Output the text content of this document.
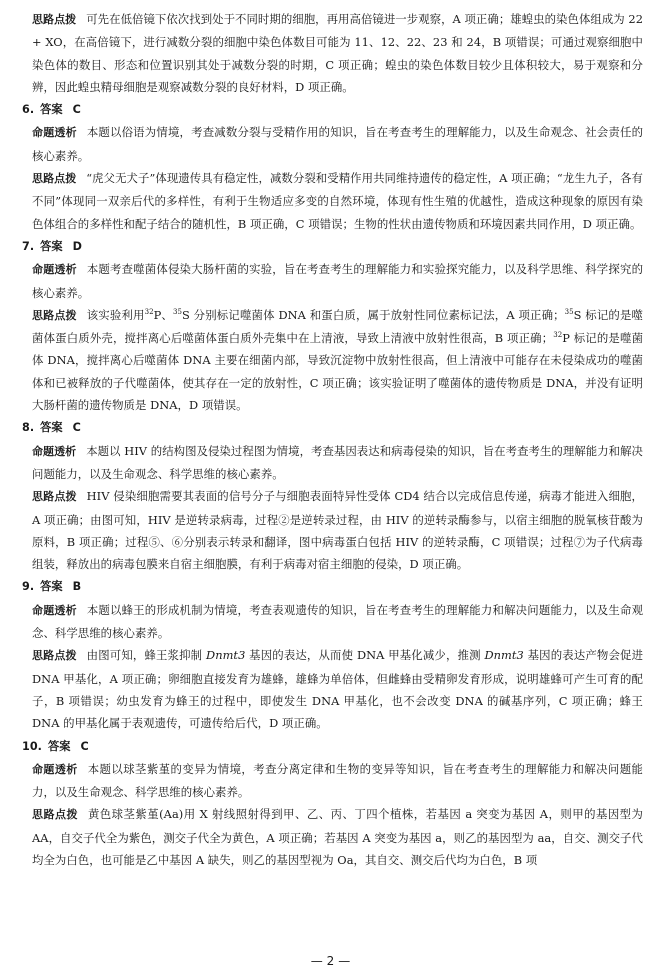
思路点拨 可先在低倍镜下依次找到处于不同时期的细胞，再用高倍镜进一步观察，A 项正确；雄蝗虫的染色体组成为 22 + XO，在高倍镜下，进行减数分裂的细胞中染色体数目可能为 11、12、22、23 和 24，B 项错误；可通过观察细胞中染色体的数目、形态和位置识别其处于减数分裂的时期，C 项正确；蝗虫的染色体数目较少且体积较大，易于观察和分辨，因此蝗虫精母细胞是观察减数分裂的良好材料，D 项正确。

6. 答案 C

命题透析 本题以俗语为情境，考查减数分裂与受精作用的知识，旨在考查考生的理解能力，以及生命观念、社会责任的核心素养。

思路点拨 “虎父无犬子”体现遗传具有稳定性，减数分裂和受精作用共同维持遗传的稳定性，A 项正确；“龙生九子，各有不同”体现同一双亲后代的多样性，有利于生物适应多变的自然环境，体现有性生殖的优越性，造成这种现象的原因有染色体组合的多样性和配子结合的随机性，B 项正确，C 项错误；生物的性状由遗传物质和环境因素共同作用，D 项正确。

7. 答案 D

命题透析 本题考查噬菌体侵染大肠杆菌的实验，旨在考查考生的理解能力和实验探究能力，以及科学思维、科学探究的核心素养。

思路点拨 该实验利用$^{32}$P、$^{35}$S 分别标记噬菌体 DNA 和蛋白质，属于放射性同位素标记法，A 项正确；$^{35}$S 标记的是噬菌体蛋白质外壳，搅拌离心后噬菌体蛋白质外壳集中在上清液，导致上清液中放射性很高，B 项正确；$^{32}$P 标记的是噬菌体 DNA，搅拌离心后噬菌体 DNA 主要在细菌内部，导致沉淀物中放射性很高，但上清液中可能存在未侵染成功的噬菌体和已被释放的子代噬菌体，使其存在一定的放射性，C 项正确；该实验证明了噬菌体的遗传物质是 DNA，并没有证明大肠杆菌的遗传物质是 DNA，D 项错误。

8. 答案 C

命题透析 本题以 HIV 的结构图及侵染过程图为情境，考查基因表达和病毒侵染的知识，旨在考查考生的理解能力和解决问题能力，以及生命观念、科学思维的核心素养。

思路点拨 HIV 侵染细胞需要其表面的信号分子与细胞表面特异性受体 CD4 结合以完成信息传递，病毒才能进入细胞，A 项正确；由图可知，HIV 是逆转录病毒，过程②是逆转录过程，由 HIV 的逆转录酶参与，以宿主细胞的脱氧核苷酸为原料，B 项正确；过程⑤、⑥分别表示转录和翻译，图中病毒蛋白包括 HIV 的逆转录酶，C 项错误；过程⑦为子代病毒组装，释放出的病毒包膜来自宿主细胞膜，有利于病毒对宿主细胞的侵染，D 项正确。

9. 答案 B

命题透析 本题以蜂王的形成机制为情境，考查表观遗传的知识，旨在考查考生的理解能力和解决问题能力，以及生命观念、科学思维的核心素养。

思路点拨 由图可知，蜂王浆抑制 Dnmt3 基因的表达，从而使 DNA 甲基化减少，推测 Dnmt3 基因的表达产物会促进 DNA 甲基化，A 项正确；卵细胞直接发育为雄蜂，雄蜂为单倍体，但雌蜂由受精卵发育形成，说明雄蜂可产生可育的配子，B 项错误；幼虫发育为蜂王的过程中，即使发生 DNA 甲基化，也不会改变 DNA 的碱基序列，C 项正确；蜂王 DNA 的甲基化属于表观遗传，可遗传给后代，D 项正确。

10. 答案 C

命题透析 本题以球茎紫堇的变异为情境，考查分离定律和生物的变异等知识，旨在考查考生的理解能力和解决问题能力，以及生命观念、科学思维的核心素养。

思路点拨 黄色球茎紫堇(Aa)用 X 射线照射得到甲、乙、丙、丁四个植株，若基因 a 突变为基因 A，则甲的基因型为 AA，自交子代全为紫色，测交子代全为黄色，A 项正确；若基因 A 突变为基因 a，则乙的基因型为 aa，自交、测交子代均全为白色，也可能是乙中基因 A 缺失，则乙的基因型视为 Oa，其自交、测交后代均为白色，B 项

— 2 —
